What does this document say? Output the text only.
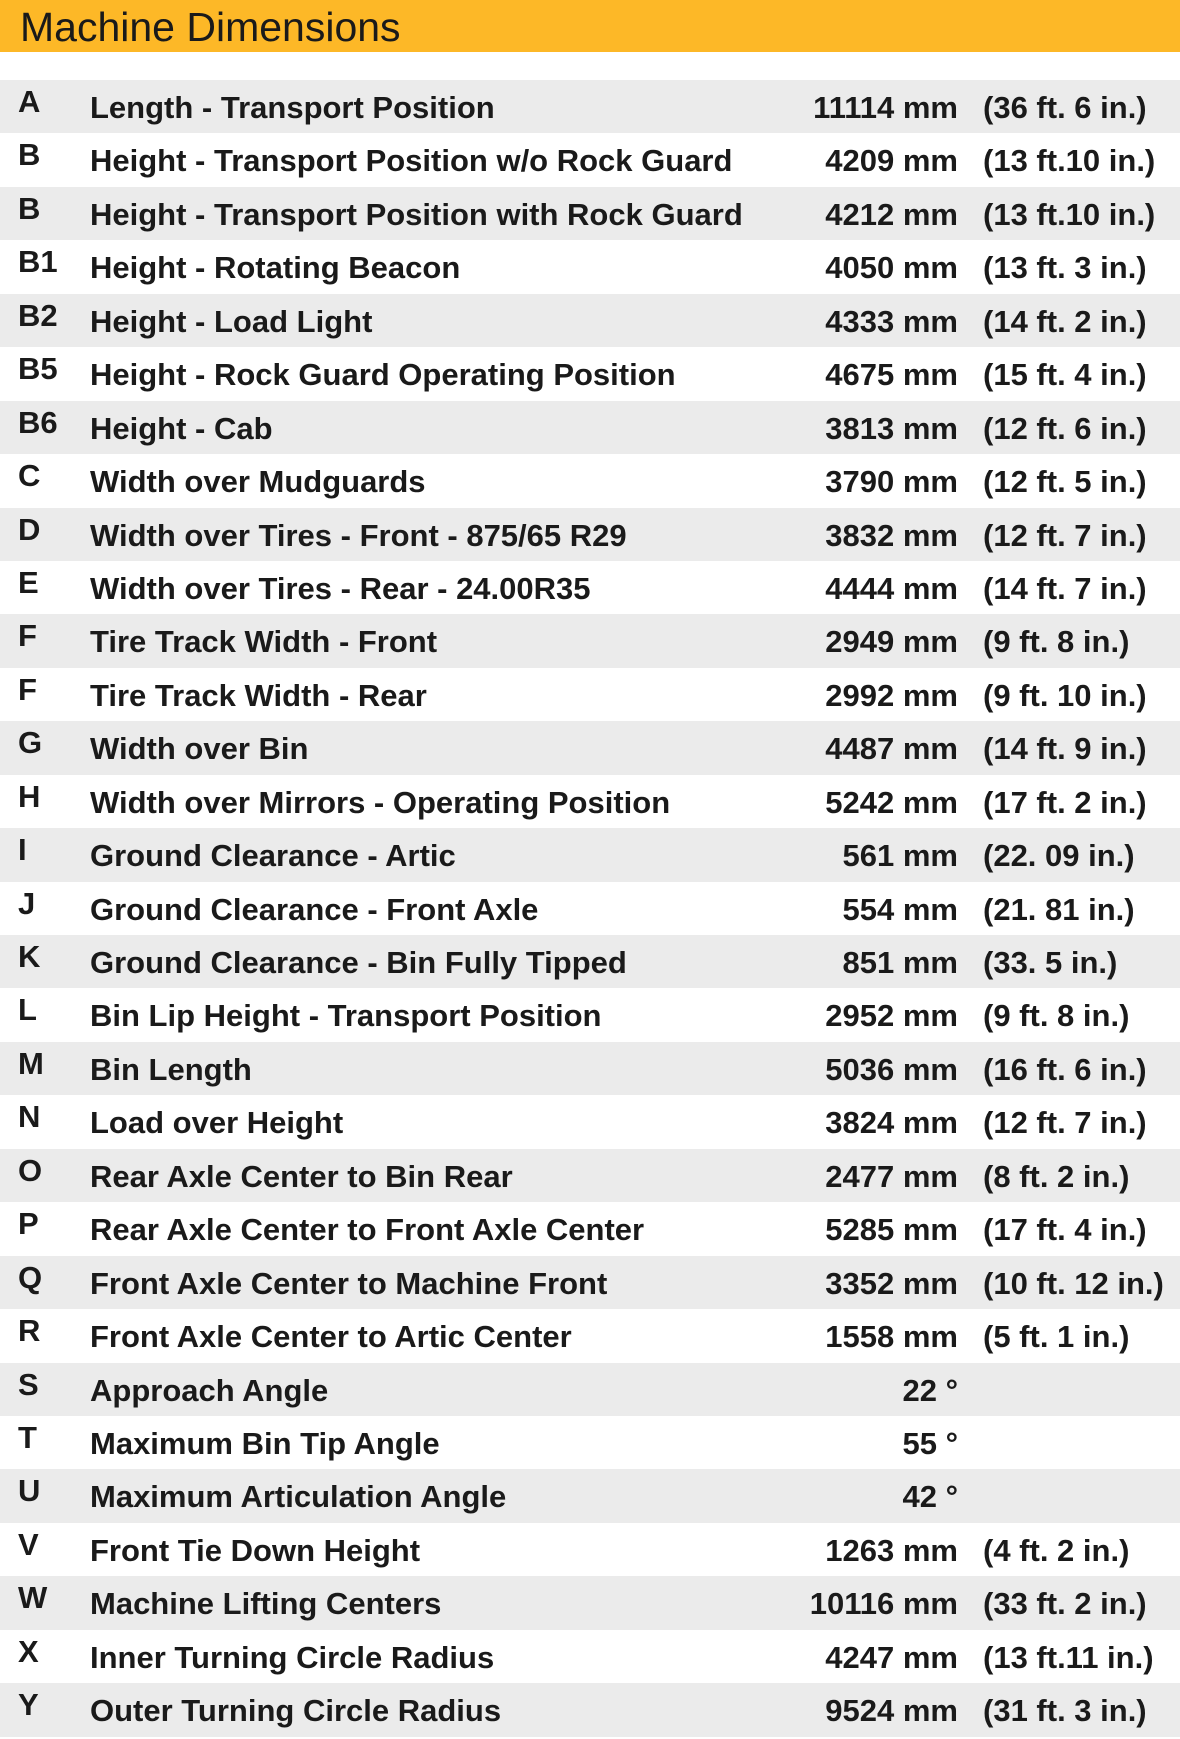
Machine Dimensions
A Length - Transport Position	11114 mm (36 ft. 6 in.)
B Height - Transport Position w/o Rock Guard	4209 mm (13 ft.10 in.)
B Height - Transport Position with Rock Guard	4212 mm (13 ft.10 in.)
B1 Height - Rotating Beacon	4050 mm (13 ft. 3 in.)
B2 Height - Load Light	4333 mm (14 ft. 2 in.)
B5 Height - Rock Guard Operating Position	4675 mm (15 ft. 4 in.)
B6 Height - Cab	3813 mm (12 ft. 6 in.)
C Width over Mudguards	3790 mm (12 ft. 5 in.)
D Width over Tires - Front - 875/65 R29	3832 mm (12 ft. 7 in.)
E Width over Tires - Rear - 24.00R35	4444 mm (14 ft. 7 in.)
F Tire Track Width - Front	2949 mm (9 ft. 8 in.)
F Tire Track Width - Rear	2992 mm (9 ft. 10 in.)
G Width over Bin	4487 mm (14 ft. 9 in.)
H Width over Mirrors - Operating Position	5242 mm (17 ft. 2 in.)
I Ground Clearance - Artic	561 mm (22. 09 in.)
J Ground Clearance - Front Axle	554 mm (21. 81 in.)
K Ground Clearance - Bin Fully Tipped	851 mm (33. 5 in.)
L Bin Lip Height - Transport Position	2952 mm (9 ft. 8 in.)
M Bin Length	5036 mm (16 ft. 6 in.)
N Load over Height	3824 mm (12 ft. 7 in.)
O Rear Axle Center to Bin Rear	2477 mm (8 ft. 2 in.)
P Rear Axle Center to Front Axle Center	5285 mm (17 ft. 4 in.)
Q Front Axle Center to Machine Front	3352 mm (10 ft. 12 in.)
R Front Axle Center to Artic Center	1558 mm (5 ft. 1 in.)
S Approach Angle	22 °
T Maximum Bin Tip Angle	55 °
U Maximum Articulation Angle	42 °
V Front Tie Down Height	1263 mm (4 ft. 2 in.)
W Machine Lifting Centers	10116 mm (33 ft. 2 in.)
X Inner Turning Circle Radius	4247 mm (13 ft.11 in.)
Y Outer Turning Circle Radius	9524 mm (31 ft. 3 in.)
